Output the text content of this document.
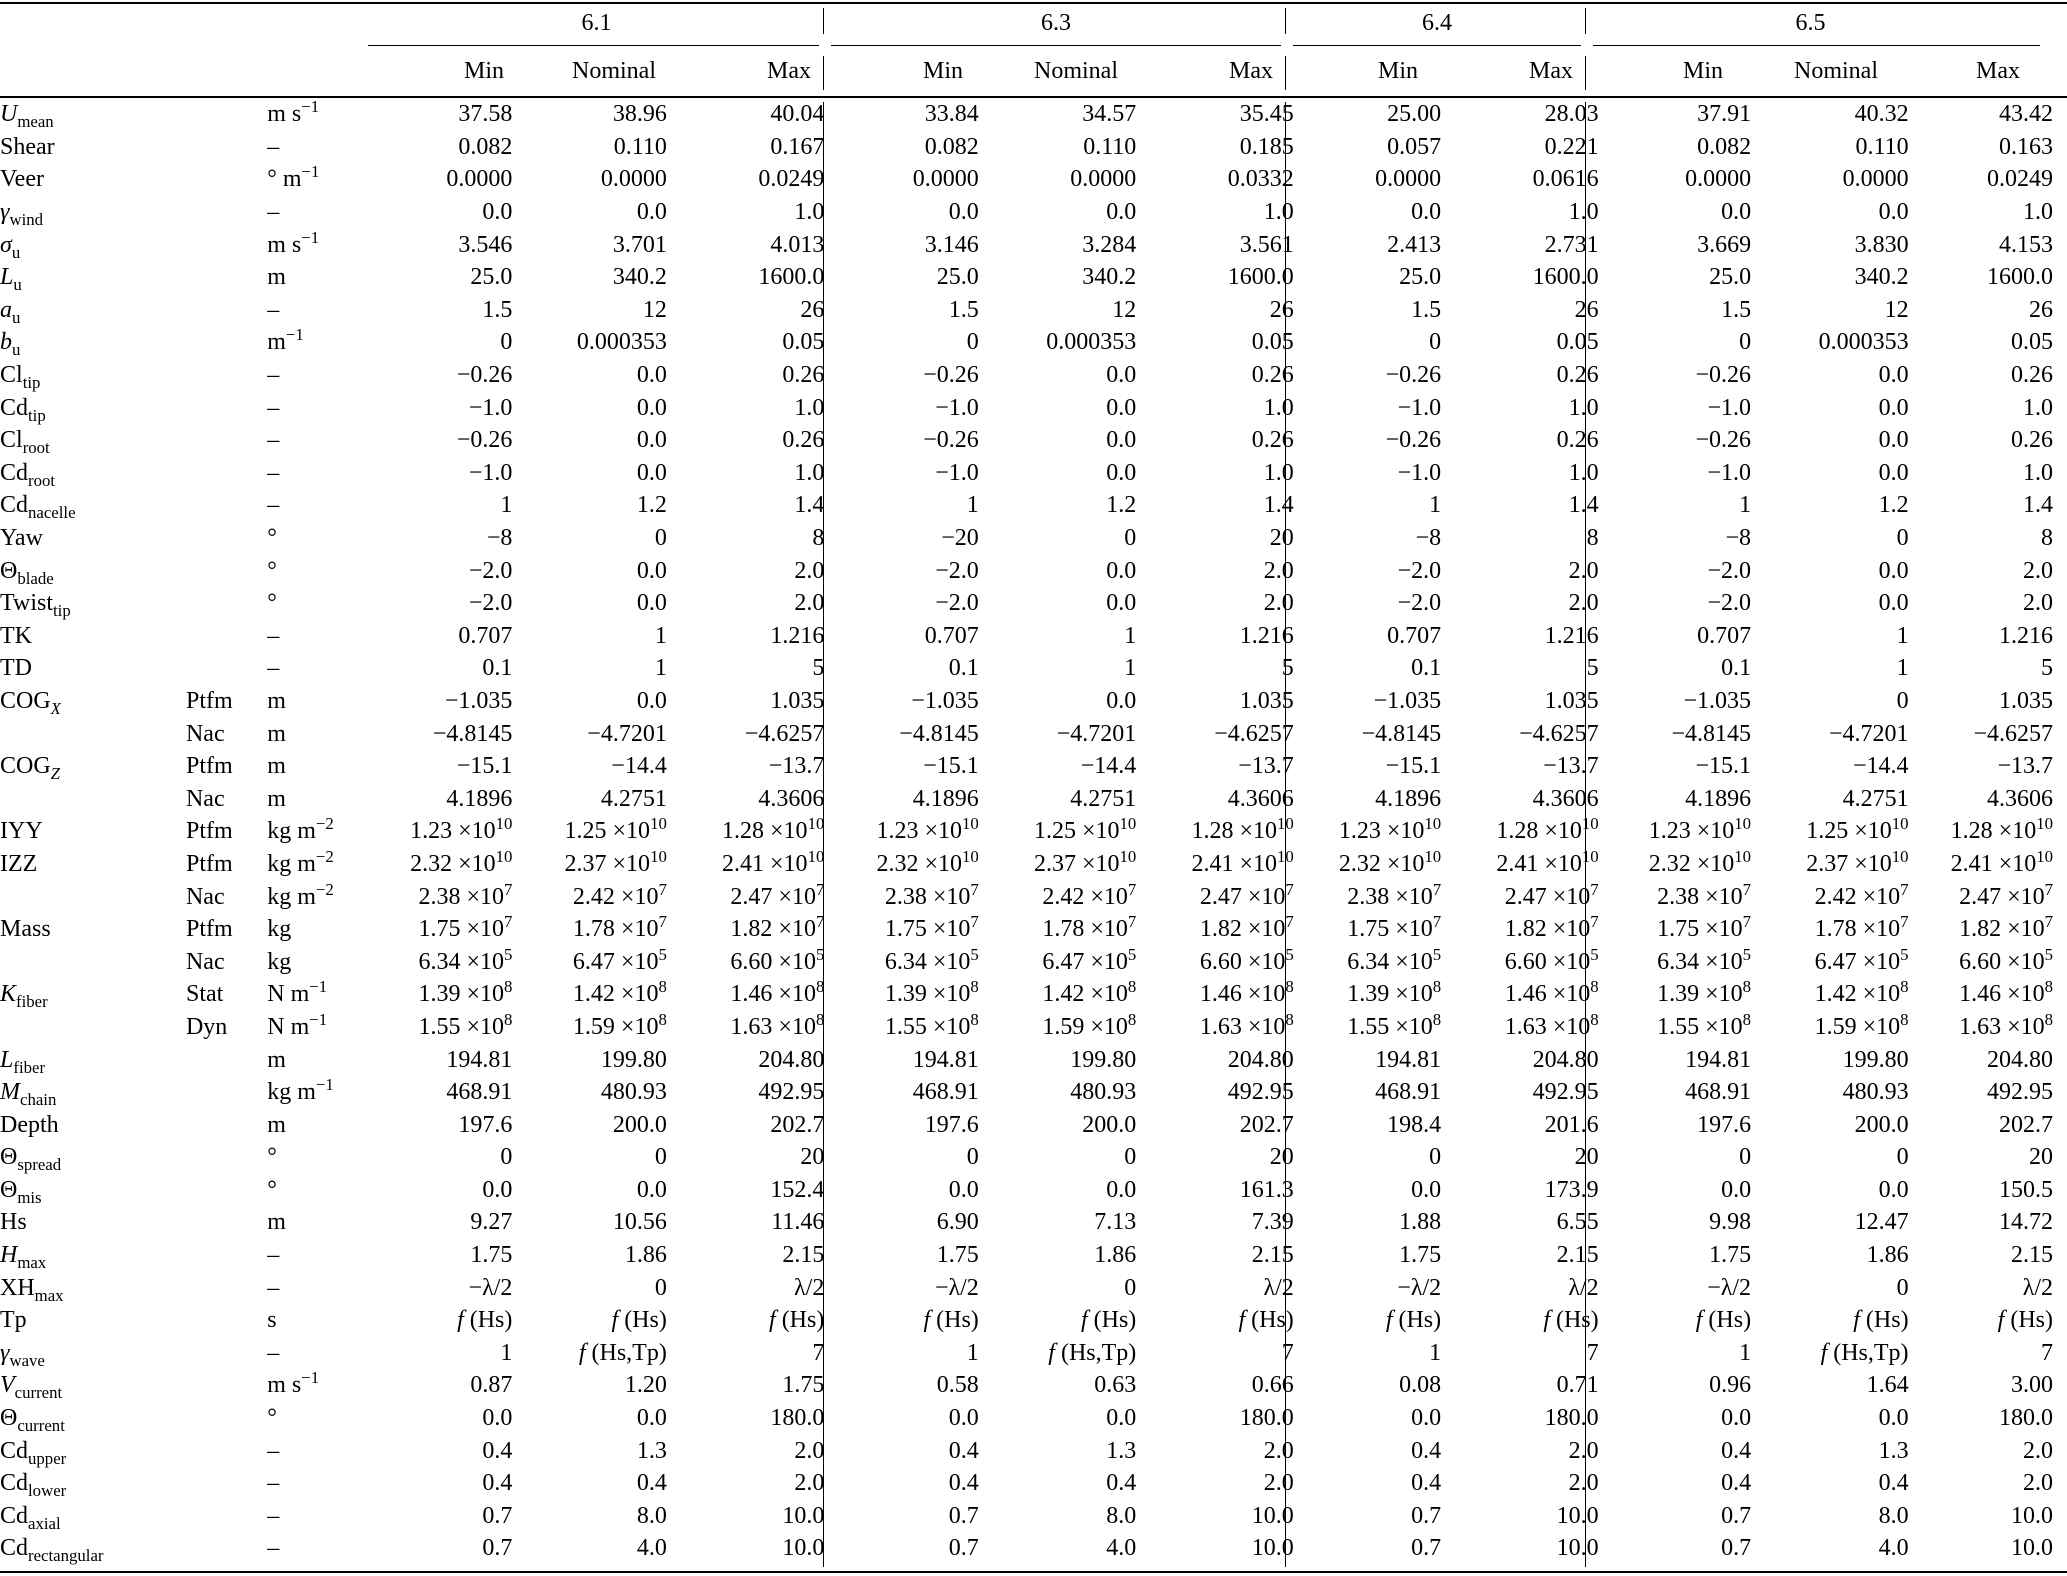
6.1
Min	Nominal	Max
6.3
Min	Nominal	Max
6.4
Min	Max
6.5
Min	Nominal	Max
$U_{mean}$		m $s^{-1}$	37.58	38.96	40.04	33.84	34.57	35.45	25.00	28.03	37.91	40.32	43.42
Shear		–	0.082	0.110	0.167	0.082	0.110	0.185	0.057	0.221	0.082	0.110	0.163
Veer		° $m^{-1}$	0.0000	0.0000	0.0249	0.0000	0.0000	0.0332	0.0000	0.0616	0.0000	0.0000	0.0249
$\gamma_{wind}$		–	0.0	0.0	1.0	0.0	0.0	1.0	0.0	1.0	0.0	0.0	1.0
$\sigma_u$		m $s^{-1}$	3.546	3.701	4.013	3.146	3.284	3.561	2.413	2.731	3.669	3.830	4.153
$L_u$		m	25.0	340.2	1600.0	25.0	340.2	1600.0	25.0	1600.0	25.0	340.2	1600.0
$a_u$		–	1.5	12	26	1.5	12	26	1.5	26	1.5	12	26
$b_u$		$m^{-1}$	0	0.000353	0.05	0	0.000353	0.05	0	0.05	0	0.000353	0.05
$Cl_{tip}$		–	−0.26	0.0	0.26	−0.26	0.0	0.26	−0.26	0.26	−0.26	0.0	0.26
$Cd_{tip}$		–	−1.0	0.0	1.0	−1.0	0.0	1.0	−1.0	1.0	−1.0	0.0	1.0
$Cl_{root}$		–	−0.26	0.0	0.26	−0.26	0.0	0.26	−0.26	0.26	−0.26	0.0	0.26
$Cd_{root}$		–	−1.0	0.0	1.0	−1.0	0.0	1.0	−1.0	1.0	−1.0	0.0	1.0
$Cd_{nacelle}$		–	1	1.2	1.4	1	1.2	1.4	1	1.4	1	1.2	1.4
Yaw		°	−8	0	8	−20	0	20	−8	8	−8	0	8
$\Theta_{blade}$		°	−2.0	0.0	2.0	−2.0	0.0	2.0	−2.0	2.0	−2.0	0.0	2.0
Twist$_{tip}$		°	−2.0	0.0	2.0	−2.0	0.0	2.0	−2.0	2.0	−2.0	0.0	2.0
TK		–	0.707	1	1.216	0.707	1	1.216	0.707	1.216	0.707	1	1.216
TD		–	0.1	1	5	0.1	1	5	0.1	5	0.1	1	5
$COG_X$	Ptfm	m	−1.035	0.0	1.035	−1.035	0.0	1.035	−1.035	1.035	−1.035	0	1.035
	Nac	m	−4.8145	−4.7201	−4.6257	−4.8145	−4.7201	−4.6257	−4.8145	−4.6257	−4.8145	−4.7201	−4.6257
$COG_Z$	Ptfm	m	−15.1	−14.4	−13.7	−15.1	−14.4	−13.7	−15.1	−13.7	−15.1	−14.4	−13.7
	Nac	m	4.1896	4.2751	4.3606	4.1896	4.2751	4.3606	4.1896	4.3606	4.1896	4.2751	4.3606
IYY	Ptfm	kg $m^{-2}$	$1.23 \times 10^{10}$	$1.25 \times 10^{10}$	$1.28 \times 10^{10}$	$1.23 \times 10^{10}$	$1.25 \times 10^{10}$	$1.28 \times 10^{10}$	$1.23 \times 10^{10}$	$1.28 \times 10^{10}$	$1.23 \times 10^{10}$	$1.25 \times 10^{10}$	$1.28 \times 10^{10}$
IZZ	Ptfm	kg $m^{-2}$	$2.32 \times 10^{10}$	$2.37 \times 10^{10}$	$2.41 \times 10^{10}$	$2.32 \times 10^{10}$	$2.37 \times 10^{10}$	$2.41 \times 10^{10}$	$2.32 \times 10^{10}$	$2.41 \times 10^{10}$	$2.32 \times 10^{10}$	$2.37 \times 10^{10}$	$2.41 \times 10^{10}$
	Nac	kg $m^{-2}$	$2.38 \times 10^7$	$2.42 \times 10^7$	$2.47 \times 10^7$	$2.38 \times 10^7$	$2.42 \times 10^7$	$2.47 \times 10^7$	$2.38 \times 10^7$	$2.47 \times 10^7$	$2.38 \times 10^7$	$2.42 \times 10^7$	$2.47 \times 10^7$
Mass	Ptfm	kg	$1.75 \times 10^7$	$1.78 \times 10^7$	$1.82 \times 10^7$	$1.75 \times 10^7$	$1.78 \times 10^7$	$1.82 \times 10^7$	$1.75 \times 10^7$	$1.82 \times 10^7$	$1.75 \times 10^7$	$1.78 \times 10^7$	$1.82 \times 10^7$
	Nac	kg	$6.34 \times 10^5$	$6.47 \times 10^5$	$6.60 \times 10^5$	$6.34 \times 10^5$	$6.47 \times 10^5$	$6.60 \times 10^5$	$6.34 \times 10^5$	$6.60 \times 10^5$	$6.34 \times 10^5$	$6.47 \times 10^5$	$6.60 \times 10^5$
$K_{fiber}$	Stat	N $m^{-1}$	$1.39 \times 10^8$	$1.42 \times 10^8$	$1.46 \times 10^8$	$1.39 \times 10^8$	$1.42 \times 10^8$	$1.46 \times 10^8$	$1.39 \times 10^8$	$1.46 \times 10^8$	$1.39 \times 10^8$	$1.42 \times 10^8$	$1.46 \times 10^8$
	Dyn	N $m^{-1}$	$1.55 \times 10^8$	$1.59 \times 10^8$	$1.63 \times 10^8$	$1.55 \times 10^8$	$1.59 \times 10^8$	$1.63 \times 10^8$	$1.55 \times 10^8$	$1.63 \times 10^8$	$1.55 \times 10^8$	$1.59 \times 10^8$	$1.63 \times 10^8$
$L_{fiber}$		m	194.81	199.80	204.80	194.81	199.80	204.80	194.81	204.80	194.81	199.80	204.80
$M_{chain}$		kg $m^{-1}$	468.91	480.93	492.95	468.91	480.93	492.95	468.91	492.95	468.91	480.93	492.95
Depth		m	197.6	200.0	202.7	197.6	200.0	202.7	198.4	201.6	197.6	200.0	202.7
$\Theta_{spread}$		°	0	0	20	0	0	20	0	20	0	0	20
$\Theta_{mis}$		°	0.0	0.0	152.4	0.0	0.0	161.3	0.0	173.9	0.0	0.0	150.5
Hs		m	9.27	10.56	11.46	6.90	7.13	7.39	1.88	6.55	9.98	12.47	14.72
$H_{max}$		–	1.75	1.86	2.15	1.75	1.86	2.15	1.75	2.15	1.75	1.86	2.15
$XH_{max}$		–	−λ/2	0	λ/2	−λ/2	0	λ/2	−λ/2	λ/2	−λ/2	0	λ/2
Tp		s	f (Hs)	f (Hs)	f (Hs)	f (Hs)	f (Hs)	f (Hs)	f (Hs)	f (Hs)	f (Hs)	f (Hs)	f (Hs)
$\gamma_{wave}$		–	1	f (Hs,Tp)	7	1	f (Hs,Tp)	7	1	7	1	f (Hs,Tp)	7
$V_{current}$		m $s^{-1}$	0.87	1.20	1.75	0.58	0.63	0.66	0.08	0.71	0.96	1.64	3.00
$\Theta_{current}$		°	0.0	0.0	180.0	0.0	0.0	180.0	0.0	180.0	0.0	0.0	180.0
$Cd_{upper}$		–	0.4	1.3	2.0	0.4	1.3	2.0	0.4	2.0	0.4	1.3	2.0
$Cd_{lower}$		–	0.4	0.4	2.0	0.4	0.4	2.0	0.4	2.0	0.4	0.4	2.0
$Cd_{axial}$		–	0.7	8.0	10.0	0.7	8.0	10.0	0.7	10.0	0.7	8.0	10.0
$Cd_{rectangular}$		–	0.7	4.0	10.0	0.7	4.0	10.0	0.7	10.0	0.7	4.0	10.0
